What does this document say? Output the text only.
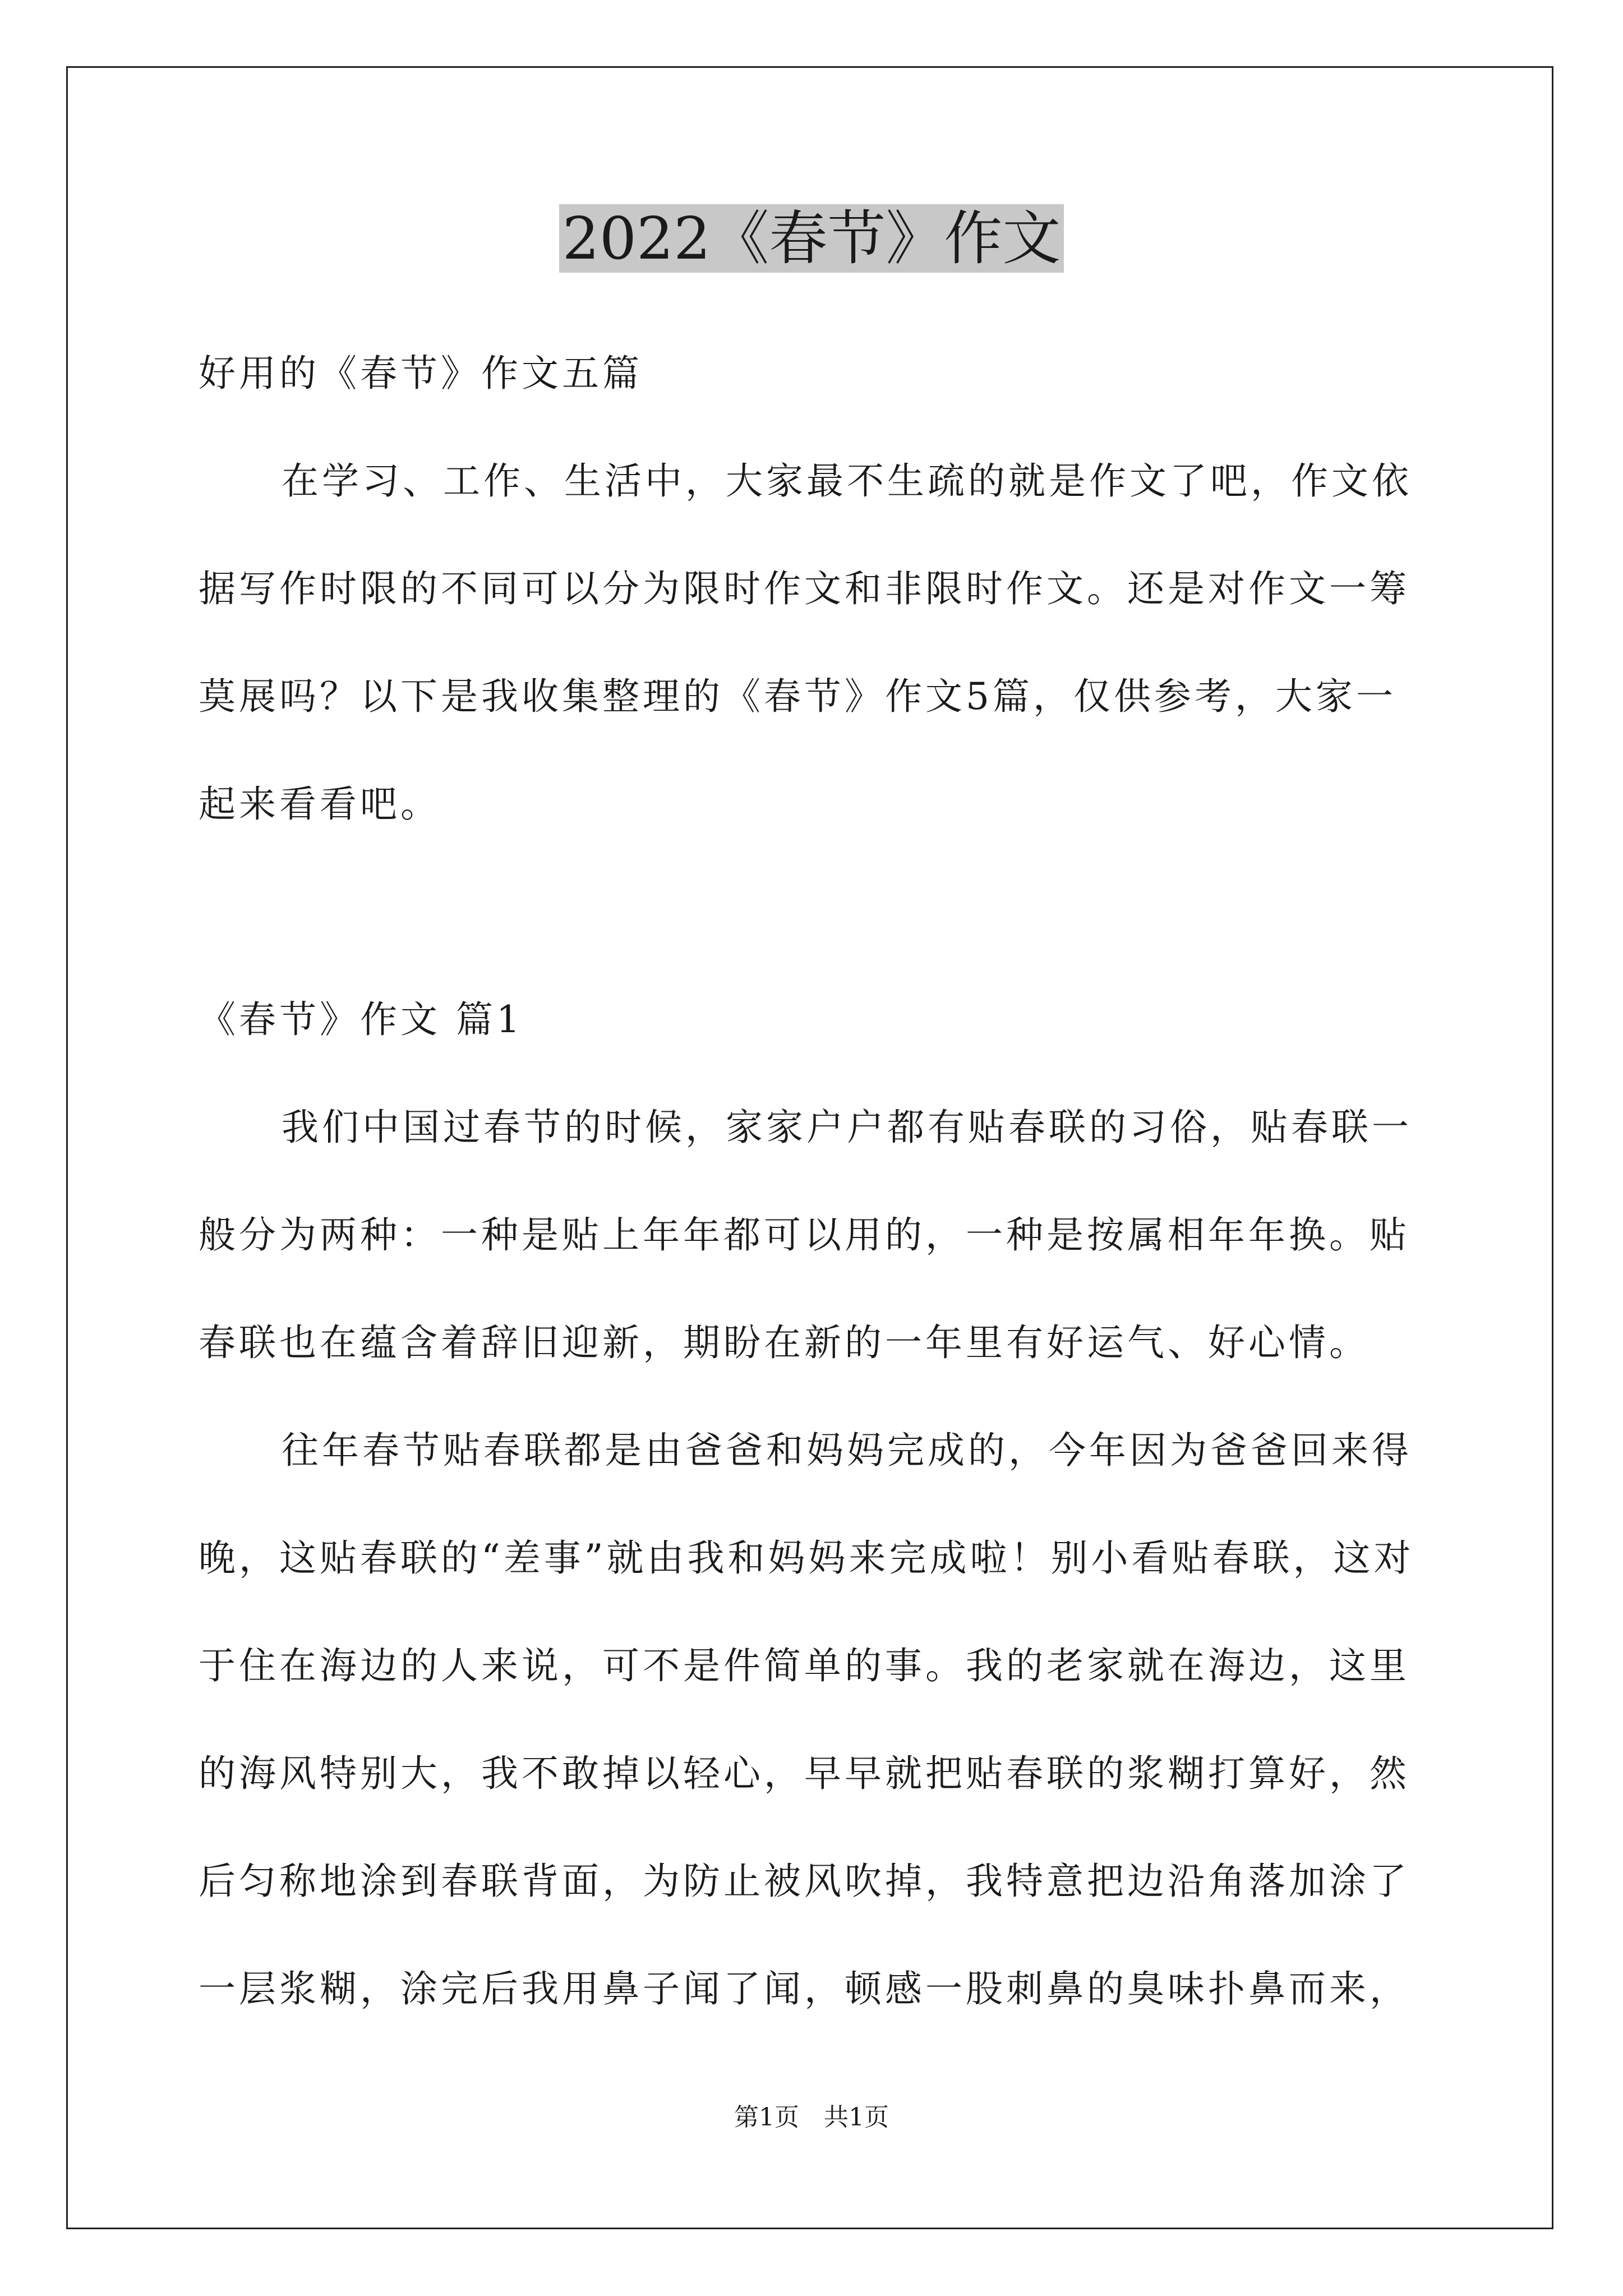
2022《春节》作文

好用的《春节》作文五篇

在学习、工作、生活中，大家最不生疏的就是作文了吧，作文依据写作时限的不同可以分为限时作文和非限时作文。还是对作文一筹莫展吗？以下是我收集整理的《春节》作文5篇，仅供参考，大家一起来看看吧。

《春节》作文 篇1

我们中国过春节的时候，家家户户都有贴春联的习俗，贴春联一般分为两种：一种是贴上年年都可以用的，一种是按属相年年换。贴春联也在蕴含着辞旧迎新，期盼在新的一年里有好运气、好心情。

往年春节贴春联都是由爸爸和妈妈完成的，今年因为爸爸回来得晚，这贴春联的“差事”就由我和妈妈来完成啦！别小看贴春联，这对于住在海边的人来说，可不是件简单的事。我的老家就在海边，这里的海风特别大，我不敢掉以轻心，早早就把贴春联的浆糊打算好，然后匀称地涂到春联背面，为防止被风吹掉，我特意把边沿角落加涂了一层浆糊，涂完后我用鼻子闻了闻，顿感一股刺鼻的臭味扑鼻而来，

第1页 共1页
